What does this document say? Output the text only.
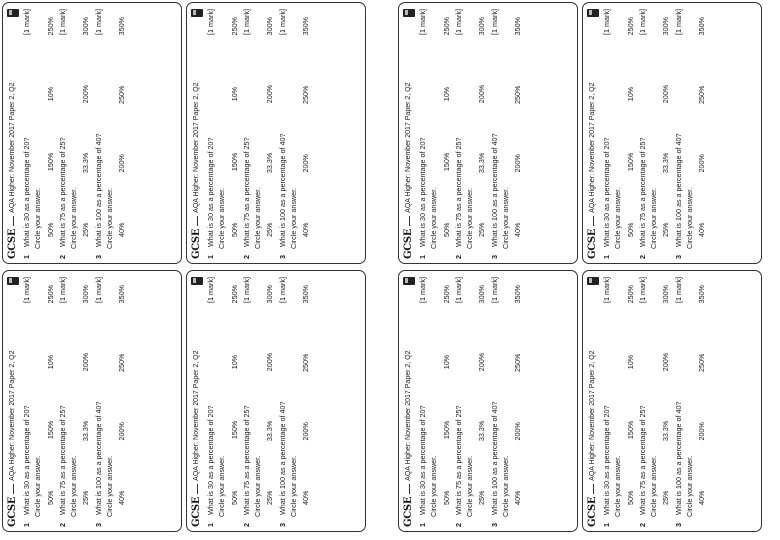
GCSE
AQA Higher: November 2017 Paper 2, Q2
1 What is 30 as a percentage of 20?
[1 mark]
Circle your answer. 50%
150%
10%
250%
2 What is 75 as a percentage of 25?
[1 mark]
Circle your answer. 25%
33.3%
200%
300%
3 What is 100 as a percentage of 40?
[1 mark]
Circle your answer. 40%
200%
250%
350%
GCSE
AQA Higher: November 2017 Paper 2, Q2
1 What is 30 as a percentage of 20?
[1 mark]
Circle your answer. 50%
150%
10%
250%
2 What is 75 as a percentage of 25?
[1 mark]
Circle your answer. 25%
33.3%
200%
300%
3 What is 100 as a percentage of 40?
[1 mark]
Circle your answer. 40%
200%
250%
350%
GCSE
AQA Higher: November 2017 Paper 2, Q2
1 What is 30 as a percentage of 20?
[1 mark]
Circle your answer. 50%
150%
10%
250%
2 What is 75 as a percentage of 25?
[1 mark]
Circle your answer. 25%
33.3%
200%
300%
3 What is 100 as a percentage of 40?
[1 mark]
Circle your answer. 40%
200%
250%
350%
GCSE
AQA Higher: November 2017 Paper 2, Q2
1 What is 30 as a percentage of 20?
[1 mark]
Circle your answer. 50%
150%
10%
250%
2 What is 75 as a percentage of 25?
[1 mark]
Circle your answer. 25%
33.3%
200%
300%
3 What is 100 as a percentage of 40?
[1 mark]
Circle your answer. 40%
200%
250%
350%
GCSE
AQA Higher: November 2017 Paper 2, Q2
1 What is 30 as a percentage of 20?
[1 mark]
Circle your answer. 50%
150%
10%
250%
2 What is 75 as a percentage of 25?
[1 mark]
Circle your answer. 25%
33.3%
200%
300%
3 What is 100 as a percentage of 40?
[1 mark]
Circle your answer. 40%
200%
250%
350%
GCSE
AQA Higher: November 2017 Paper 2, Q2
1 What is 30 as a percentage of 20?
[1 mark]
Circle your answer. 50%
150%
10%
250%
2 What is 75 as a percentage of 25?
[1 mark]
Circle your answer. 25%
33.3%
200%
300%
3 What is 100 as a percentage of 40?
[1 mark]
Circle your answer. 40%
200%
250%
350%
GCSE
AQA Higher: November 2017 Paper 2, Q2
1 What is 30 as a percentage of 20?
[1 mark]
Circle your answer. 50%
150%
10%
250%
2 What is 75 as a percentage of 25?
[1 mark]
Circle your answer. 25%
33.3%
200%
300%
3 What is 100 as a percentage of 40?
[1 mark]
Circle your answer. 40%
200%
250%
350%
GCSE
AQA Higher: November 2017 Paper 2, Q2
1 What is 30 as a percentage of 20?
[1 mark]
Circle your answer. 50%
150%
10%
250%
2 What is 75 as a percentage of 25?
[1 mark]
Circle your answer. 25%
33.3%
200%
300%
3 What is 100 as a percentage of 40?
[1 mark]
Circle your answer. 40%
200%
250%
350%
